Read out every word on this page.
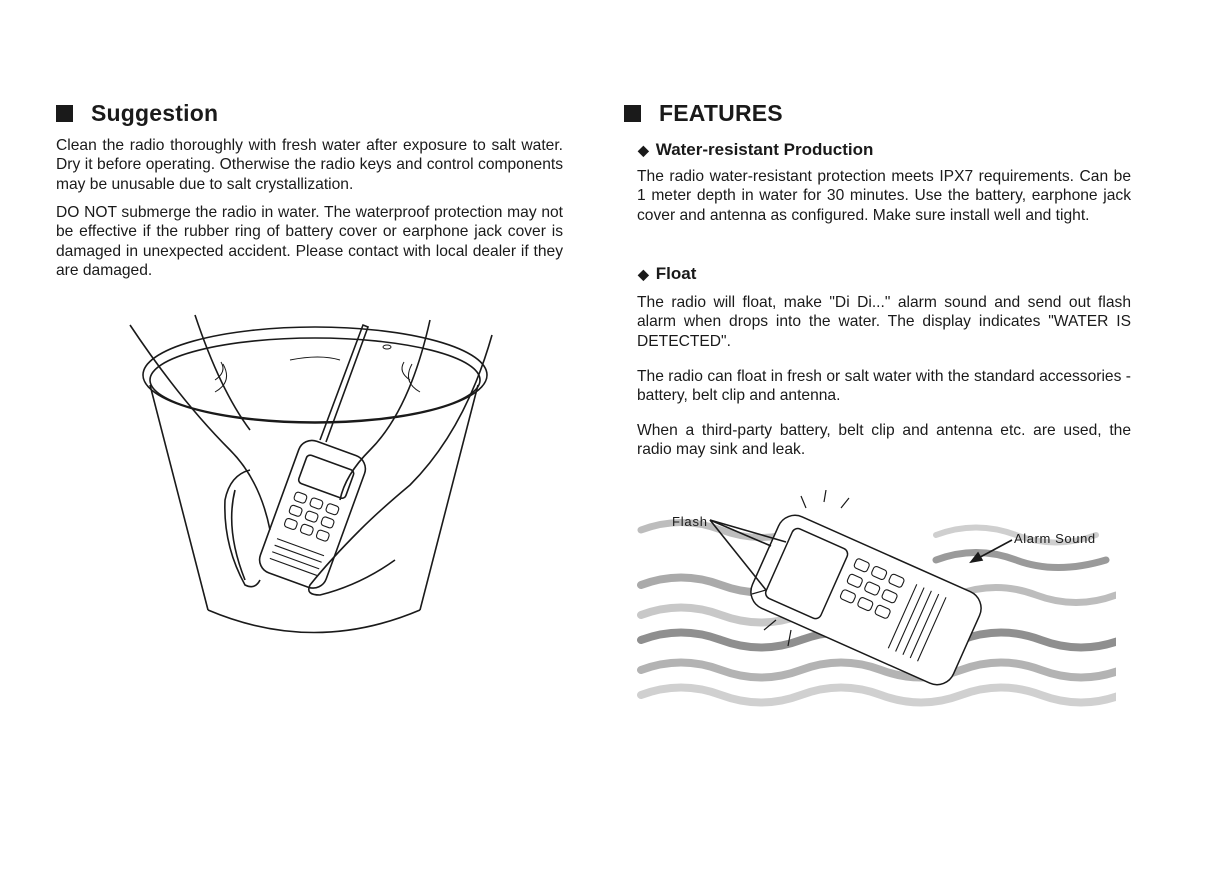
Suggestion

Clean the radio thoroughly with fresh water after exposure to salt water. Dry it before operating. Otherwise the radio keys and control components may be unusable due to salt crystallization.

DO NOT submerge the radio in water. The waterproof protection may not be effective if the rubber ring of battery cover or earphone jack cover is damaged in unexpected accident. Please contact with local dealer if they are damaged.

FEATURES
◆ Water-resistant Production

The radio water-resistant protection meets IPX7 requirements. Can be 1 meter depth in water for 30 minutes. Use the battery, earphone jack cover and antenna as configured. Make sure install well and tight.

◆ Float

The radio will float, make "Di Di..." alarm sound and send out flash alarm when drops into the water. The display indicates "WATER IS DETECTED".

The radio can float in fresh or salt water with the standard accessories - battery, belt clip and antenna.

When a third-party battery, belt clip and antenna etc. are used, the radio may sink and leak.

Flash
Alarm Sound
